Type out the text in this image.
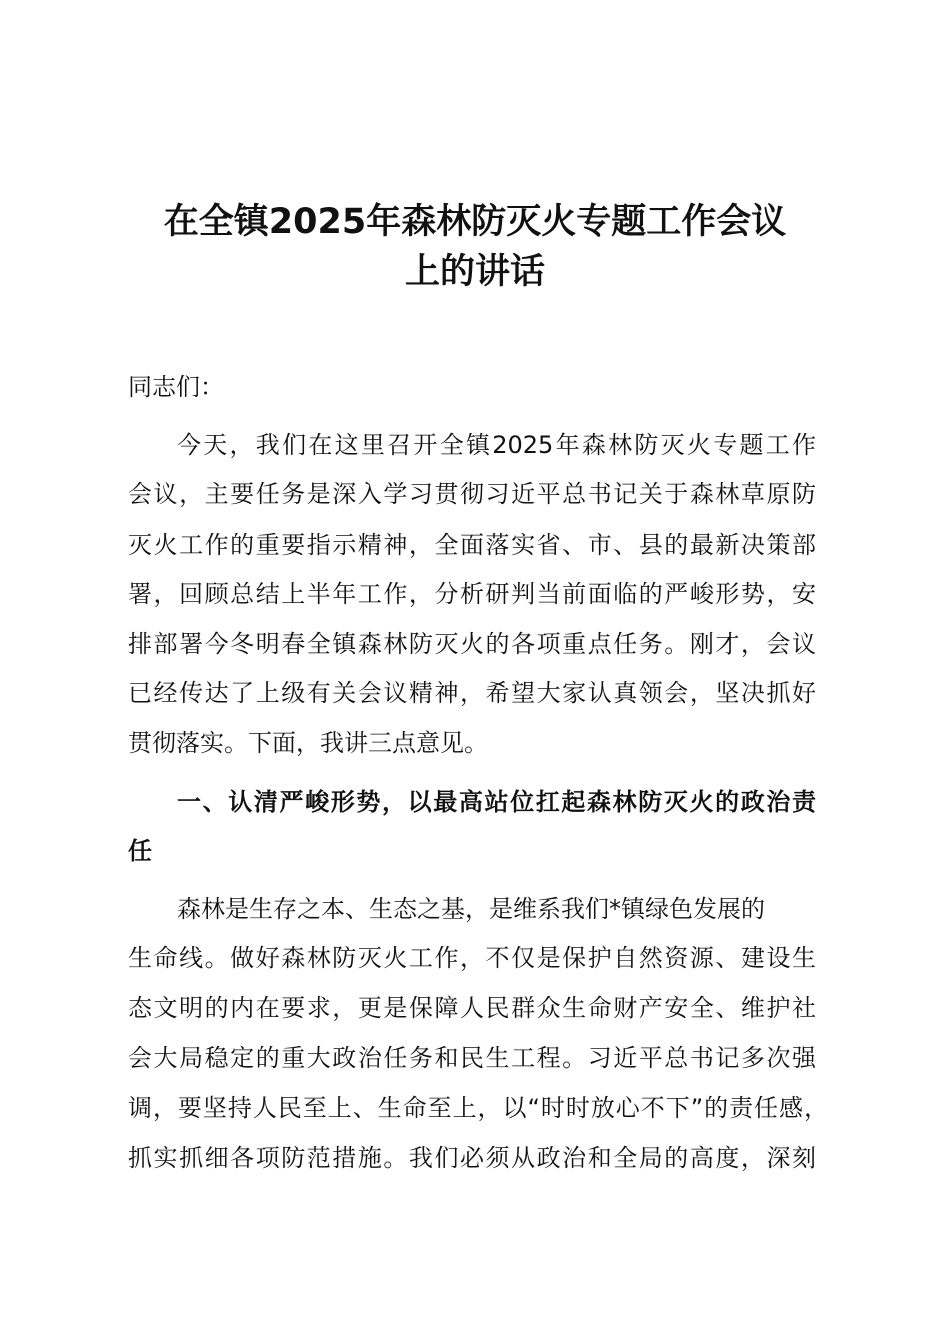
在全镇2025年森林防灭火专题工作会议
上的讲话
同志们：
今天，我们在这里召开全镇2025年森林防灭火专题工作
会议，主要任务是深入学习贯彻习近平总书记关于森林草原防
灭火工作的重要指示精神，全面落实省、市、县的最新决策部
署，回顾总结上半年工作，分析研判当前面临的严峻形势，安
排部署今冬明春全镇森林防灭火的各项重点任务。刚才，会议
已经传达了上级有关会议精神，希望大家认真领会，坚决抓好
贯彻落实。下面，我讲三点意见。
一、认清严峻形势，以最高站位扛起森林防灭火的政治责
任
森林是生存之本、生态之基，是维系我们*镇绿色发展的
生命线。做好森林防灭火工作，不仅是保护自然资源、建设生
态文明的内在要求，更是保障人民群众生命财产安全、维护社
会大局稳定的重大政治任务和民生工程。习近平总书记多次强
调，要坚持人民至上、生命至上，以“时时放心不下”的责任感，
抓实抓细各项防范措施。我们必须从政治和全局的高度，深刻
